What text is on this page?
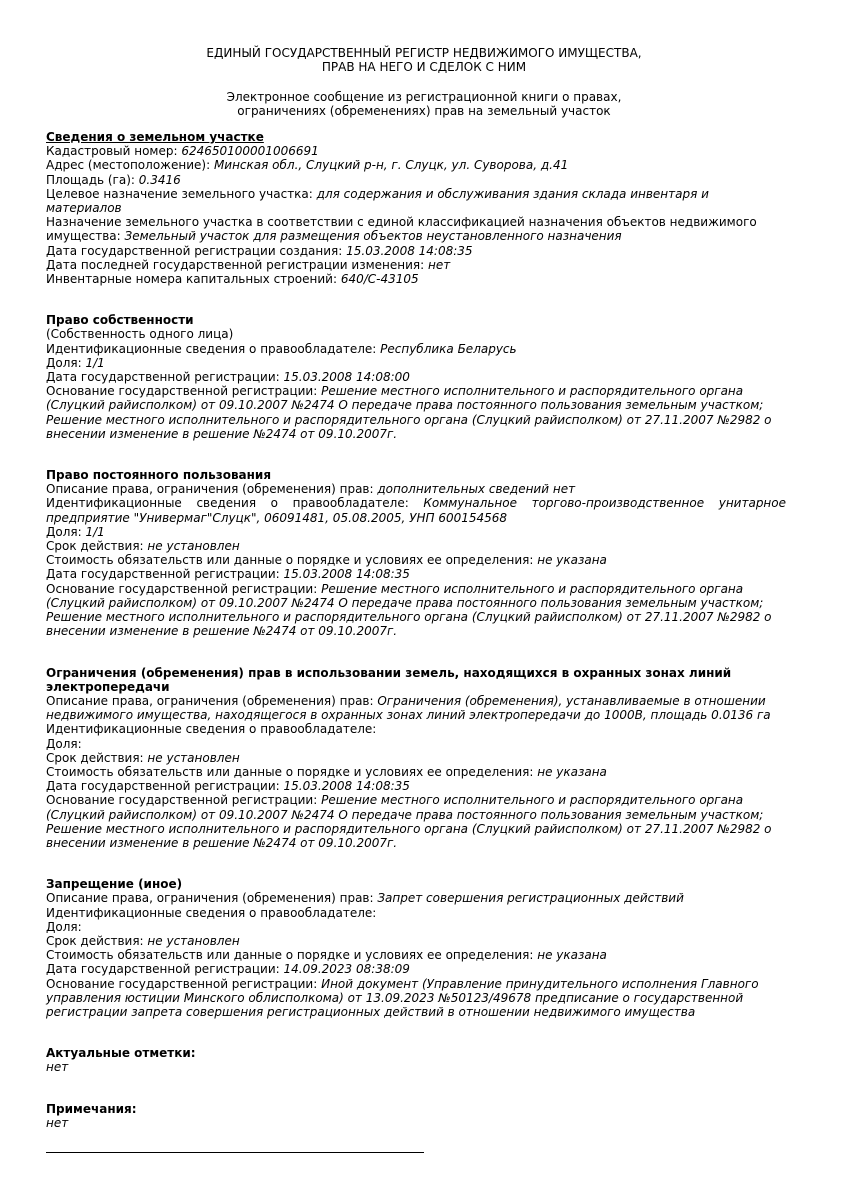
ЕДИНЫЙ ГОСУДАРСТВЕННЫЙ РЕГИСТР НЕДВИЖИМОГО ИМУЩЕСТВА,
ПРАВ НА НЕГО И СДЕЛОК С НИМ
Электронное сообщение из регистрационной книги о правах,
ограничениях (обременениях) прав на земельный участок
Сведения о земельном участке
Кадастровый номер: 624650100001006691
Адрес (местоположение): Минская обл., Слуцкий р-н, г. Слуцк, ул. Суворова, д.41
Площадь (га): 0.3416
Целевое назначение земельного участка: для содержания и обслуживания здания склада инвентаря и материалов
Назначение земельного участка в соответствии с единой классификацией назначения объектов недвижимого имущества: Земельный участок для размещения объектов неустановленного назначения
Дата государственной регистрации создания: 15.03.2008 14:08:35
Дата последней государственной регистрации изменения: нет
Инвентарные номера капитальных строений: 640/C-43105
Право собственности
(Собственность одного лица)
Идентификационные сведения о правообладателе: Республика Беларусь
Доля: 1/1
Дата государственной регистрации: 15.03.2008 14:08:00
Основание государственной регистрации: Решение местного исполнительного и распорядительного органа (Слуцкий райисполком) от 09.10.2007 №2474 О передаче права постоянного пользования земельным участком; Решение местного исполнительного и распорядительного органа (Слуцкий райисполком) от 27.11.2007 №2982 о внесении изменение в решение №2474 от 09.10.2007г.
Право постоянного пользования
Описание права, ограничения (обременения) прав: дополнительных сведений нет
Идентификационные сведения о правообладателе: Коммунальное торгово-производственное унитарное предприятие "Универмаг"Слуцк", 06091481, 05.08.2005, УНП 600154568
Доля: 1/1
Срок действия: не установлен
Стоимость обязательств или данные о порядке и условиях ее определения: не указана
Дата государственной регистрации: 15.03.2008 14:08:35
Основание государственной регистрации: Решение местного исполнительного и распорядительного органа (Слуцкий райисполком) от 09.10.2007 №2474 О передаче права постоянного пользования земельным участком; Решение местного исполнительного и распорядительного органа (Слуцкий райисполком) от 27.11.2007 №2982 о внесении изменение в решение №2474 от 09.10.2007г.
Ограничения (обременения) прав в использовании земель, находящихся в охранных зонах линий электропередачи
Описание права, ограничения (обременения) прав: Ограничения (обременения), устанавливаемые в отношении недвижимого имущества, находящегося в охранных зонах линий электропередачи до 1000В, площадь 0.0136 га
Идентификационные сведения о правообладателе:
Доля:
Срок действия: не установлен
Стоимость обязательств или данные о порядке и условиях ее определения: не указана
Дата государственной регистрации: 15.03.2008 14:08:35
Основание государственной регистрации: Решение местного исполнительного и распорядительного органа (Слуцкий райисполком) от 09.10.2007 №2474 О передаче права постоянного пользования земельным участком; Решение местного исполнительного и распорядительного органа (Слуцкий райисполком) от 27.11.2007 №2982 о внесении изменение в решение №2474 от 09.10.2007г.
Запрещение (иное)
Описание права, ограничения (обременения) прав: Запрет совершения регистрационных действий
Идентификационные сведения о правообладателе:
Доля:
Срок действия: не установлен
Стоимость обязательств или данные о порядке и условиях ее определения: не указана
Дата государственной регистрации: 14.09.2023 08:38:09
Основание государственной регистрации: Иной документ (Управление принудительного исполнения Главного управления юстиции Минского облисполкома) от 13.09.2023 №50123/49678 предписание о государственной регистрации запрета совершения регистрационных действий в отношении недвижимого имущества
Актуальные отметки:
нет
Примечания:
нет
